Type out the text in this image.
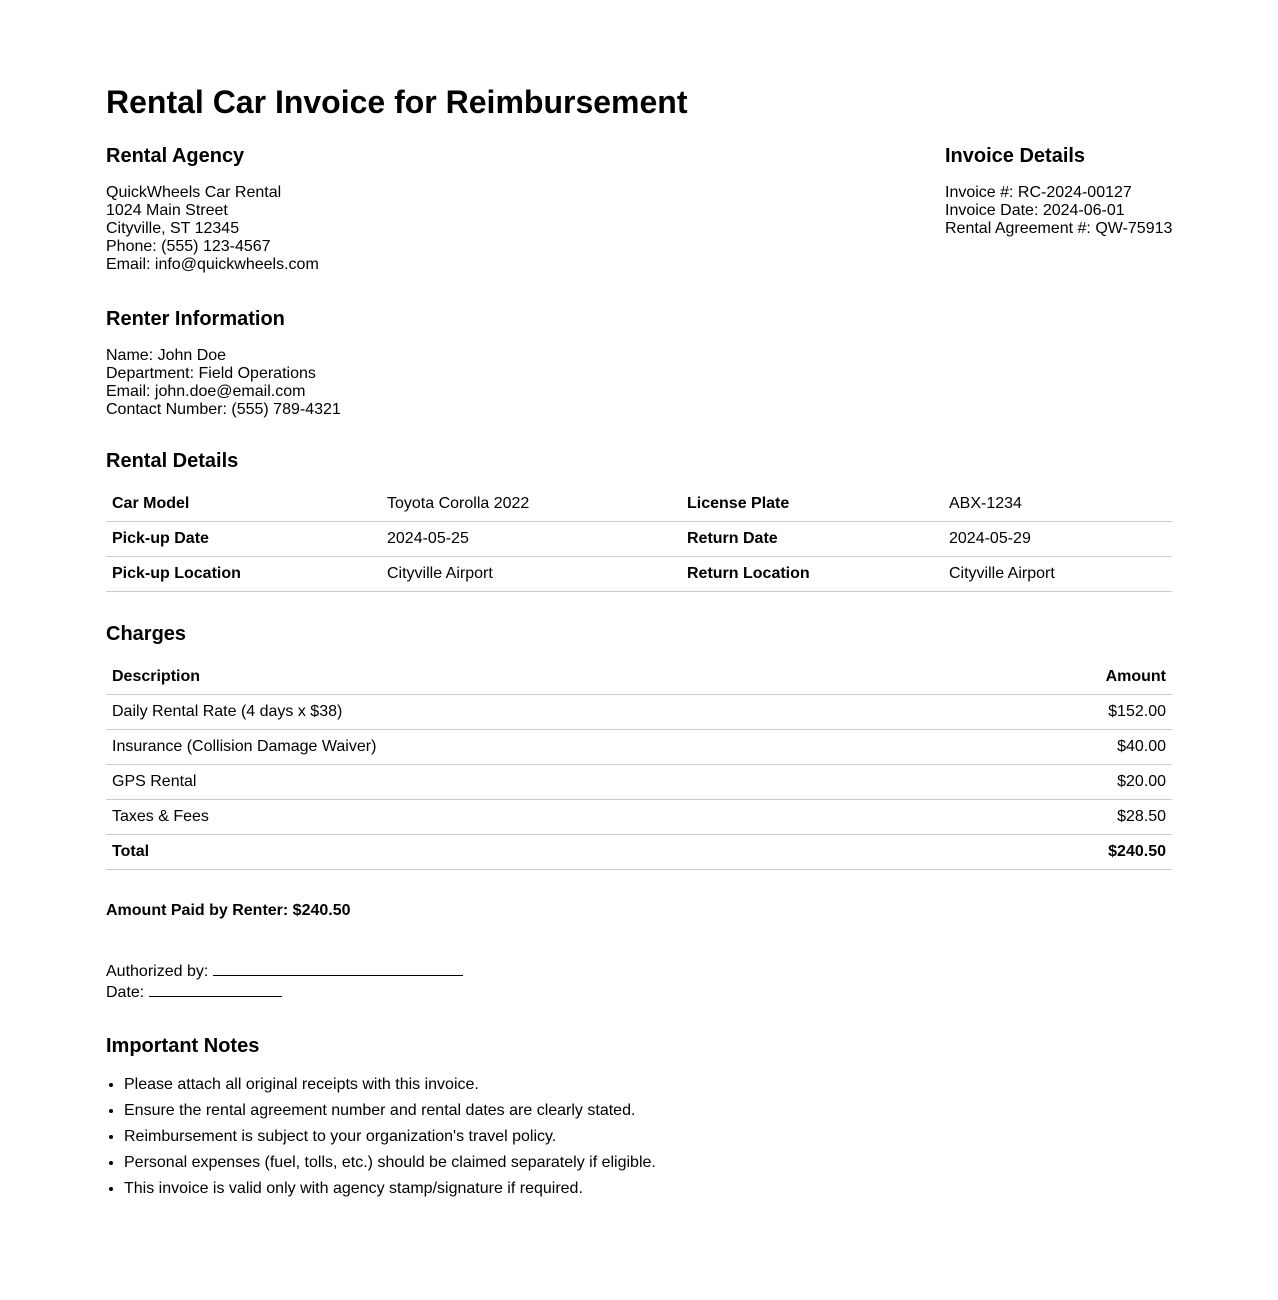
Rental Car Invoice for Reimbursement
Rental Agency
QuickWheels Car Rental
1024 Main Street
Cityville, ST 12345
Phone: (555) 123-4567
Email: info@quickwheels.com
Invoice Details
Invoice #: RC-2024-00127
Invoice Date: 2024-06-01
Rental Agreement #: QW-75913
Renter Information
Name: John Doe
Department: Field Operations
Email: john.doe@email.com
Contact Number: (555) 789-4321
Rental Details
Car Model	Toyota Corolla 2022	License Plate	ABX-1234
Pick-up Date	2024-05-25	Return Date	2024-05-29
Pick-up Location	Cityville Airport	Return Location	Cityville Airport
Charges
Description	Amount
Daily Rental Rate (4 days x $38)	$152.00
Insurance (Collision Damage Waiver)	$40.00
GPS Rental	$20.00
Taxes & Fees	$28.50
Total	$240.50
Amount Paid by Renter: $240.50
Authorized by:
Date:
Important Notes
• Please attach all original receipts with this invoice.
• Ensure the rental agreement number and rental dates are clearly stated.
• Reimbursement is subject to your organization's travel policy.
• Personal expenses (fuel, tolls, etc.) should be claimed separately if eligible.
• This invoice is valid only with agency stamp/signature if required.
